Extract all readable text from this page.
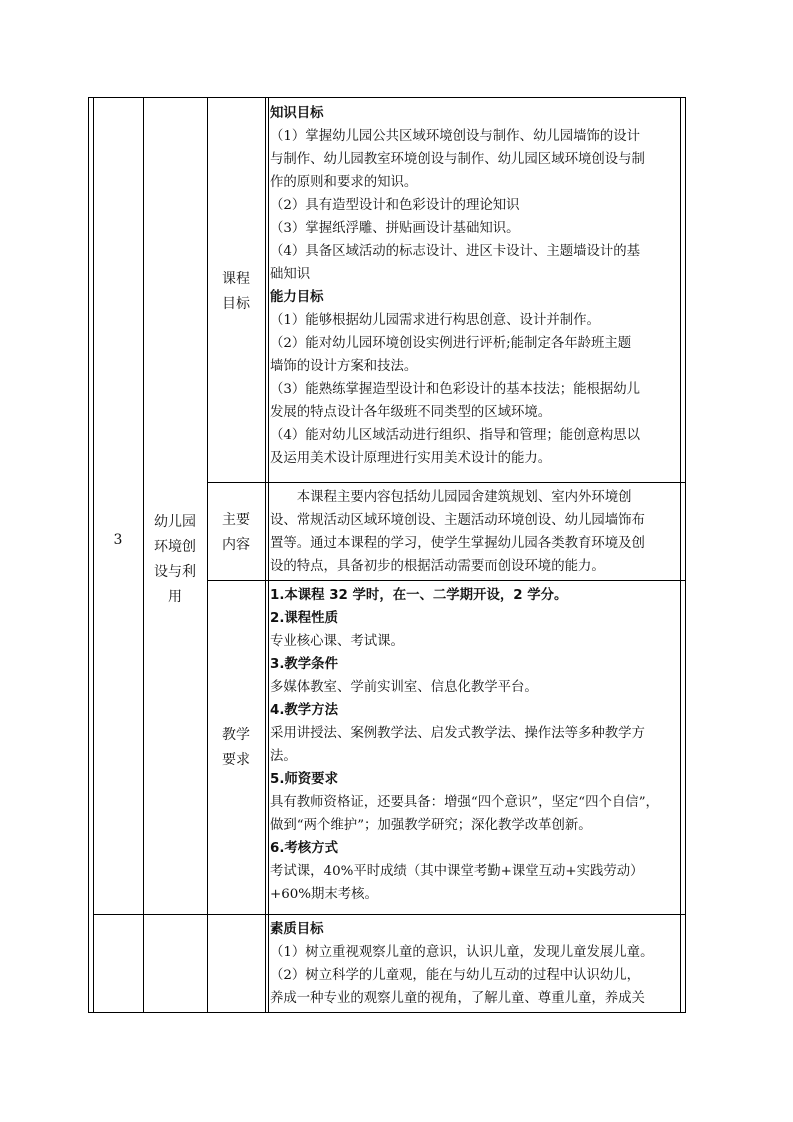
3
幼儿园
环境创
设与利
用
课程
目标

知识目标

（1）掌握幼儿园公共区域环境创设与制作、幼儿园墙饰的设计

与制作、幼儿园教室环境创设与制作、幼儿园区域环境创设与制

作的原则和要求的知识。

（2）具有造型设计和色彩设计的理论知识

（3）掌握纸浮雕、拼贴画设计基础知识。

（4）具备区域活动的标志设计、进区卡设计、主题墙设计的基

础知识

能力目标

（1）能够根据幼儿园需求进行构思创意、设计并制作。

（2）能对幼儿园环境创设实例进行评析;能制定各年龄班主题

墙饰的设计方案和技法。

（3）能熟练掌握造型设计和色彩设计的基本技法；能根据幼儿

发展的特点设计各年级班不同类型的区域环境。

（4）能对幼儿区域活动进行组织、指导和管理；能创意构思以

及运用美术设计原理进行实用美术设计的能力。

主要
内容

本课程主要内容包括幼儿园园舍建筑规划、室内外环境创

设、常规活动区域环境创设、主题活动环境创设、幼儿园墙饰布

置等。通过本课程的学习，使学生掌握幼儿园各类教育环境及创

设的特点，具备初步的根据活动需要而创设环境的能力。

教学
要求

1.本课程 32 学时，在一、二学期开设，2 学分。

2.课程性质

专业核心课、考试课。

3.教学条件

多媒体教室、学前实训室、信息化教学平台。

4.教学方法

采用讲授法、案例教学法、启发式教学法、操作法等多种教学方

法。

5.师资要求

具有教师资格证，还要具备：增强“四个意识”，坚定“四个自信”，

做到“两个维护”；加强教学研究；深化教学改革创新。

6.考核方式

考试课，40%平时成绩（其中课堂考勤+课堂互动+实践劳动）

+60%期末考核。

素质目标

（1）树立重视观察儿童的意识，认识儿童，发现儿童发展儿童。

（2）树立科学的儿童观，能在与幼儿互动的过程中认识幼儿，

养成一种专业的观察儿童的视角，了解儿童、尊重儿童，养成关
